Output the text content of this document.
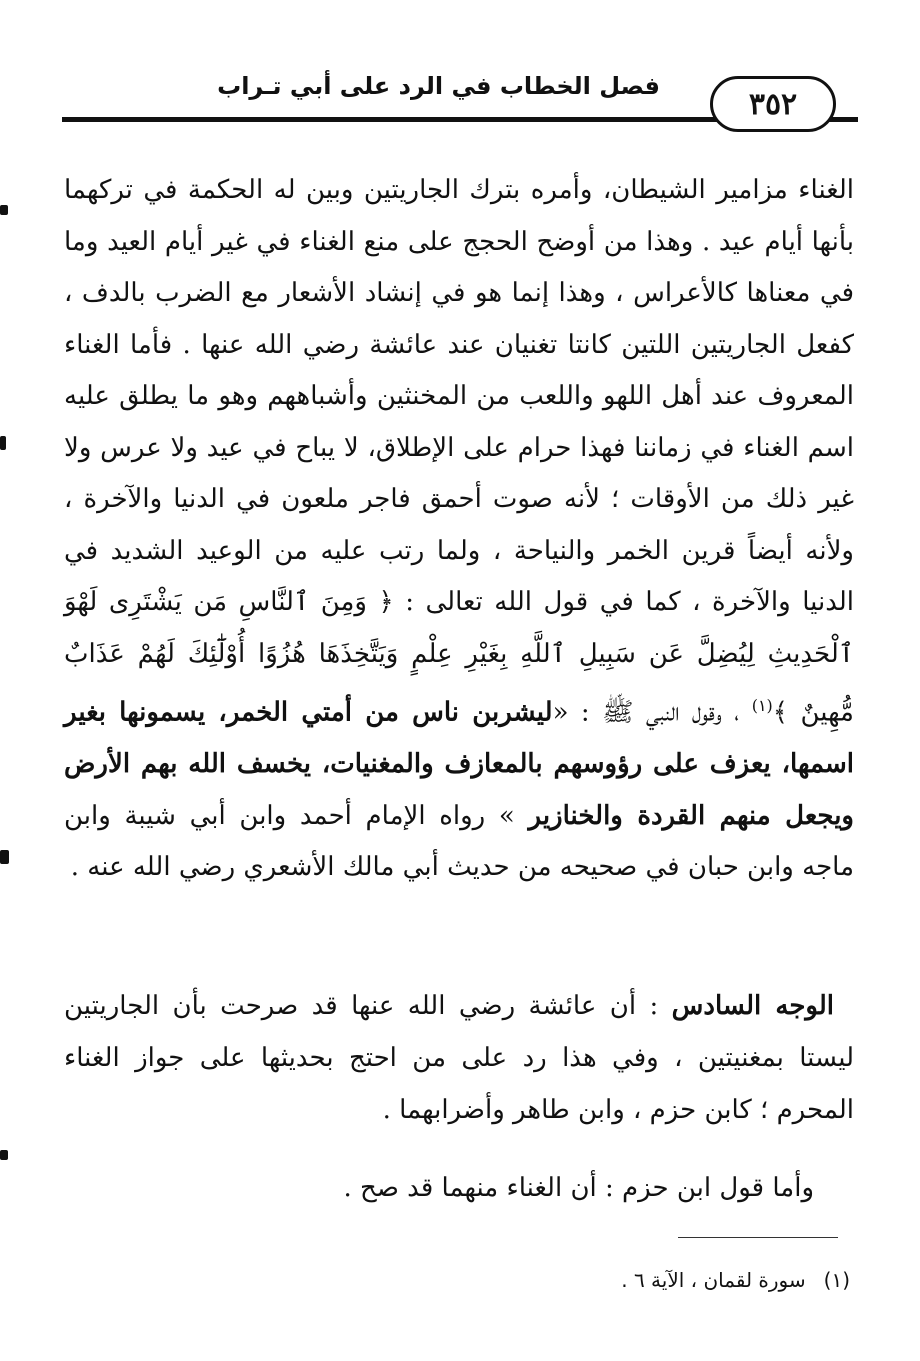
٣٥٢
فصل الخطاب في الرد على أبي تـراب

الغناء مزامير الشيطان، وأمره بترك الجاريتين وبين له الحكمة في تركهما بأنها أيام عيد . وهذا من أوضح الحجج على منع الغناء في غير أيام العيد وما في معناها كالأعراس ، وهذا إنما هو في إنشاد الأشعار مع الضرب بالدف ، كفعل الجاريتين اللتين كانتا تغنيان عند عائشة رضي الله عنها . فأما الغناء المعروف عند أهل اللهو واللعب من المخنثين وأشباههم وهو ما يطلق عليه اسم الغناء في زماننا فهذا حرام على الإطلاق، لا يباح في عيد ولا عرس ولا غير ذلك من الأوقات ؛ لأنه صوت أحمق فاجر ملعون في الدنيا والآخرة ، ولأنه أيضاً قرين الخمر والنياحة ، ولما رتب عليه من الوعيد الشديد في الدنيا والآخرة ، كما في قول الله تعالى : ﴿ وَمِنَ ٱلنَّاسِ مَن يَشْتَرِى لَهْوَ ٱلْحَدِيثِ لِيُضِلَّ عَن سَبِيلِ ٱللَّهِ بِغَيْرِ عِلْمٍ وَيَتَّخِذَهَا هُزُوًا أُوْلَٰٓئِكَ لَهُمْ عَذَابٌ مُّهِينٌ ﴾$^{(١)}$ ، وقول النبي ﷺ : «ليشربن ناس من أمتي الخمر، يسمونها بغير اسمها، يعزف على رؤوسهم بالمعازف والمغنيات، يخسف الله بهم الأرض ويجعل منهم القردة والخنازير » رواه الإمام أحمد وابن أبي شيبة وابن ماجه وابن حبان في صحيحه من حديث أبي مالك الأشعري رضي الله عنه .

الوجه السادس : أن عائشة رضي الله عنها قد صرحت بأن الجاريتين ليستا بمغنيتين ، وفي هذا رد على من احتج بحديثها على جواز الغناء المحرم ؛ كابن حزم ، وابن طاهر وأضرابهما .

وأما قول ابن حزم : أن الغناء منهما قد صح .

(١)سورة لقمان ، الآية ٦ .
